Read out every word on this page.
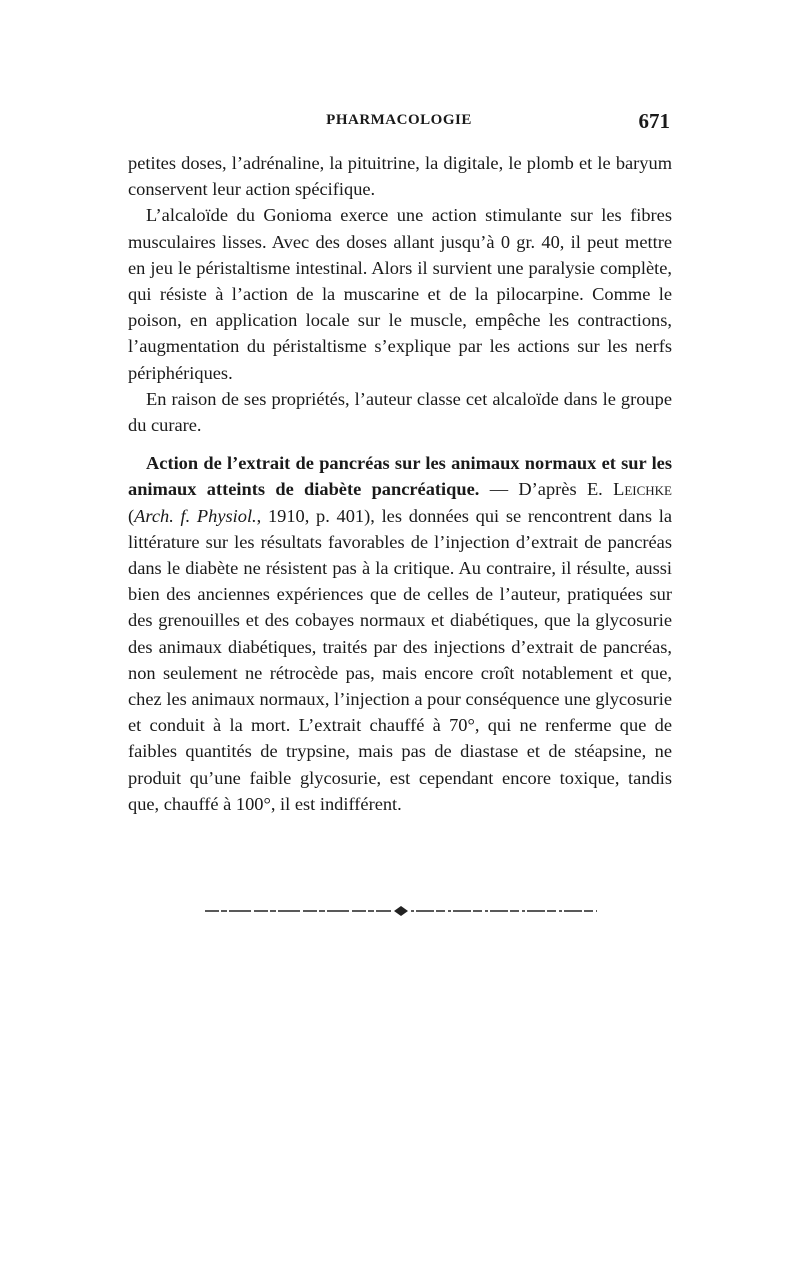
PHARMACOLOGIE	671

petites doses, l’adrénaline, la pituitrine, la digitale, le plomb et le baryum conservent leur action spécifique.

L’alcaloïde du Gonioma exerce une action stimulante sur les fibres musculaires lisses. Avec des doses allant jusqu’à 0 gr. 40, il peut mettre en jeu le péristaltisme intestinal. Alors il survient une paralysie complète, qui résiste à l’action de la muscarine et de la pilocarpine. Comme le poison, en application locale sur le muscle, empêche les contractions, l’augmentation du péristaltisme s’explique par les actions sur les nerfs périphériques.

En raison de ses propriétés, l’auteur classe cet alcaloïde dans le groupe du curare.

Action de l’extrait de pancréas sur les animaux normaux et sur les animaux atteints de diabète pancréatique. — D’après E. Leichke (Arch. f. Physiol., 1910, p. 401), les données qui se rencontrent dans la littérature sur les résultats favorables de l’injection d’extrait de pancréas dans le diabète ne résistent pas à la critique. Au contraire, il résulte, aussi bien des anciennes expériences que de celles de l’auteur, pratiquées sur des grenouilles et des cobayes normaux et diabétiques, que la glycosurie des animaux diabétiques, traités par des injections d’extrait de pancréas, non seulement ne rétrocède pas, mais encore croît notablement et que, chez les animaux normaux, l’injection a pour conséquence une glycosurie et conduit à la mort. L’extrait chauffé à 70°, qui ne renferme que de faibles quantités de trypsine, mais pas de diastase et de stéapsine, ne produit qu’une faible glycosurie, est cependant encore toxique, tandis que, chauffé à 100°, il est indifférent.
